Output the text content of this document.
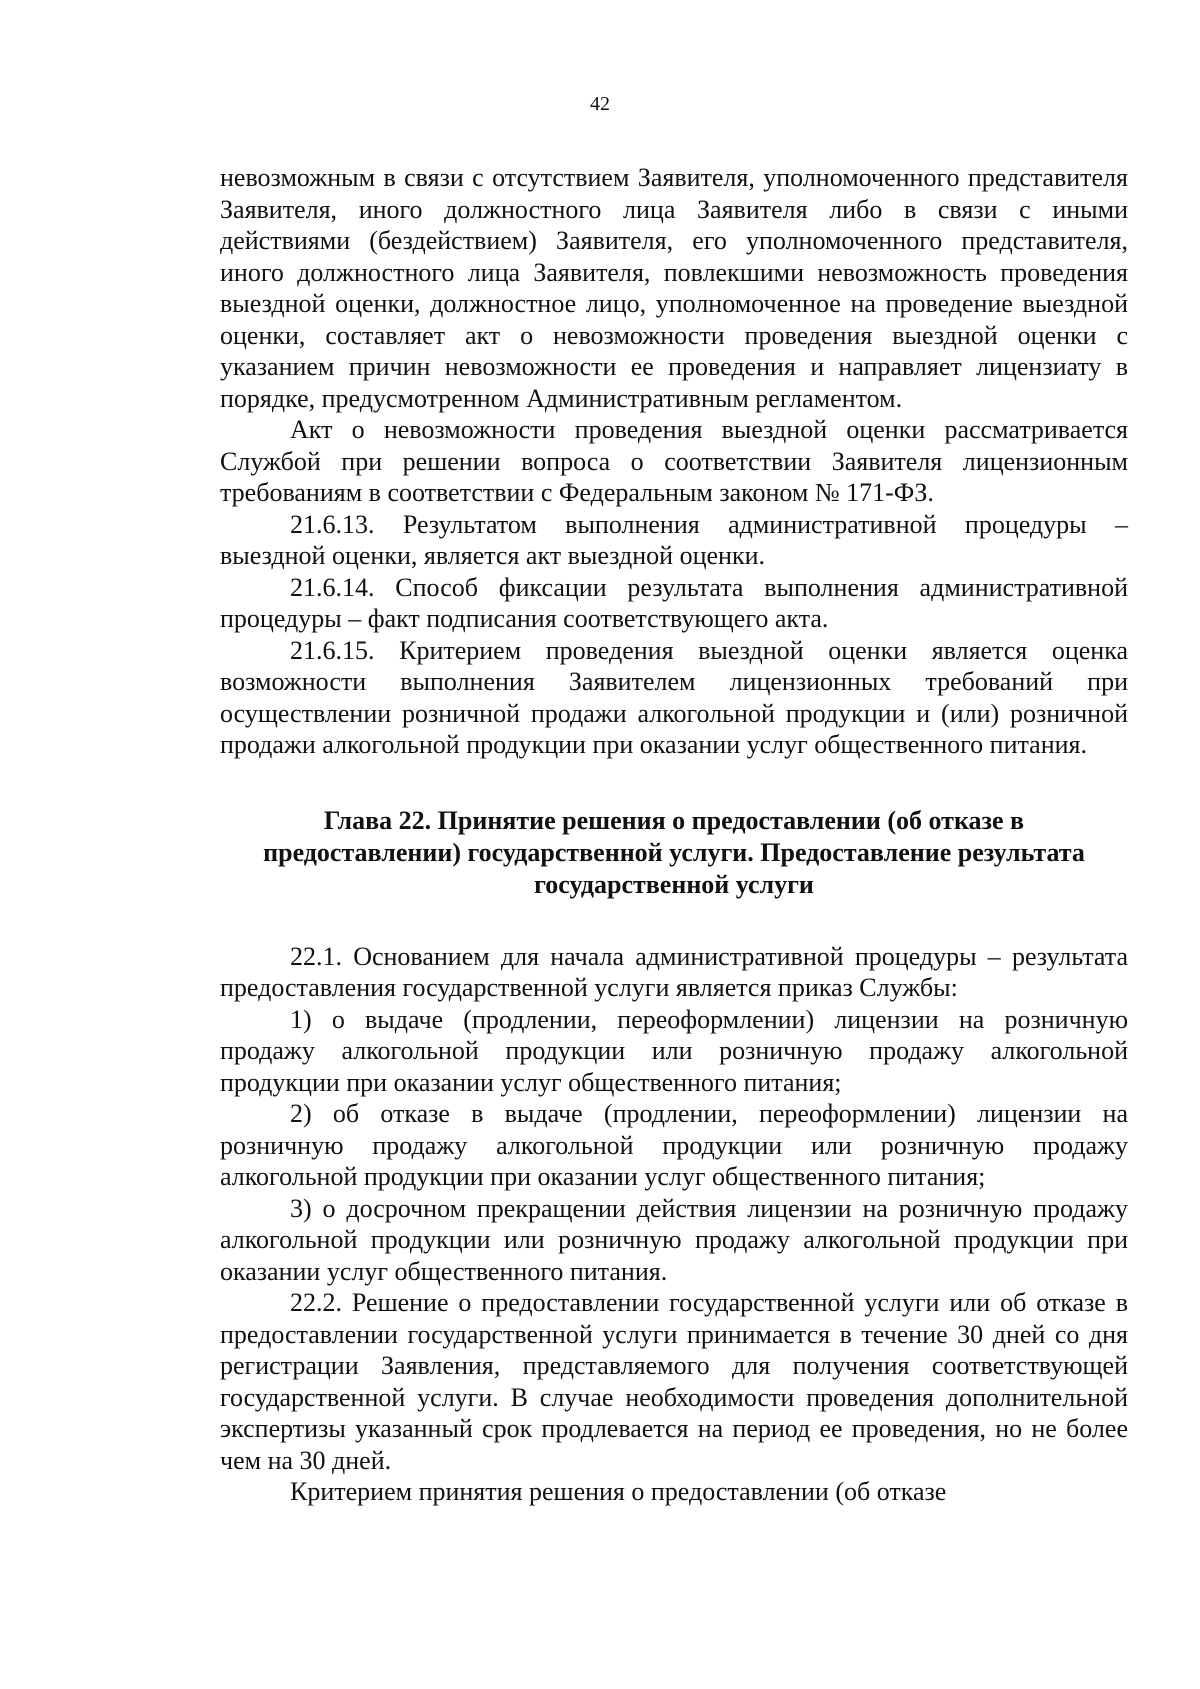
42

невозможным в связи с отсутствием Заявителя, уполномоченного представителя Заявителя, иного должностного лица Заявителя либо в связи с иными действиями (бездействием) Заявителя, его уполномоченного представителя, иного должностного лица Заявителя, повлекшими невозможность проведения выездной оценки, должностное лицо, уполномоченное на проведение выездной оценки, составляет акт о невозможности проведения выездной оценки с указанием причин невозможности ее проведения и направляет лицензиату в порядке, предусмотренном Административным регламентом.

Акт о невозможности проведения выездной оценки рассматривается Службой при решении вопроса о соответствии Заявителя лицензионным требованиям в соответствии с Федеральным законом № 171-ФЗ.

21.6.13. Результатом выполнения административной процедуры – выездной оценки, является акт выездной оценки.

21.6.14. Способ фиксации результата выполнения административной процедуры – факт подписания соответствующего акта.

21.6.15. Критерием проведения выездной оценки является оценка возможности выполнения Заявителем лицензионных требований при осуществлении розничной продажи алкогольной продукции и (или) розничной продажи алкогольной продукции при оказании услуг общественного питания.

Глава 22. Принятие решения о предоставлении (об отказе в
предоставлении) государственной услуги. Предоставление результата
государственной услуги

22.1. Основанием для начала административной процедуры – результата предоставления государственной услуги является приказ Службы:

1) о выдаче (продлении, переоформлении) лицензии на розничную продажу алкогольной продукции или розничную продажу алкогольной продукции при оказании услуг общественного питания;

2) об отказе в выдаче (продлении, переоформлении) лицензии на розничную продажу алкогольной продукции или розничную продажу алкогольной продукции при оказании услуг общественного питания;

3) о досрочном прекращении действия лицензии на розничную продажу алкогольной продукции или розничную продажу алкогольной продукции при оказании услуг общественного питания.

22.2. Решение о предоставлении государственной услуги или об отказе в предоставлении государственной услуги принимается в течение 30 дней со дня регистрации Заявления, представляемого для получения соответствующей государственной услуги. В случае необходимости проведения дополнительной экспертизы указанный срок продлевается на период ее проведения, но не более чем на 30 дней.

Критерием принятия решения о предоставлении (об отказе
